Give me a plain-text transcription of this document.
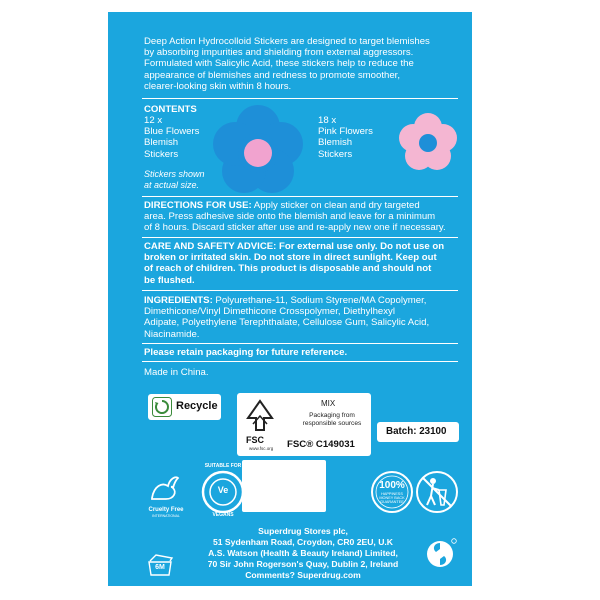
Deep Action Hydrocolloid Stickers are designed to target blemishes
by absorbing impurities and shielding from external aggressors.
Formulated with Salicylic Acid, these stickers help to reduce the
appearance of blemishes and redness to promote smoother,
clearer-looking skin within 8 hours.
CONTENTS
12 x
Blue Flowers
Blemish
Stickers
Stickers shown
at actual size.
18 x
Pink Flowers
Blemish
Stickers
DIRECTIONS FOR USE: Apply sticker on clean and dry targeted
area. Press adhesive side onto the blemish and leave for a minimum
of 8 hours. Discard sticker after use and re-apply new one if necessary.
CARE AND SAFETY ADVICE: For external use only. Do not use on
broken or irritated skin. Do not store in direct sunlight. Keep out
of reach of children. This product is disposable and should not
be flushed.
INGREDIENTS: Polyurethane-11, Sodium Styrene/MA Copolymer,
Dimethicone/Vinyl Dimethicone Crosspolymer, Diethylhexyl
Adipate, Polyethylene Terephthalate, Cellulose Gum, Salicylic Acid,
Niacinamide.
Please retain packaging for future reference.
Made in China.
Recycle
FSC
www.fsc.org
MIX
Packaging from
responsible sources
FSC® C149031
Batch: 23100
Cruelty Free
INTERNATIONAL
SUITABLE FOR
Ve
VEGANS
100%
HAPPINESS
MONEY BACK
GUARANTEE
6M
Superdrug Stores plc,
51 Sydenham Road, Croydon, CR0 2EU, U.K
A.S. Watson (Health & Beauty Ireland) Limited,
70 Sir John Rogerson's Quay, Dublin 2, Ireland
Comments? Superdrug.com
